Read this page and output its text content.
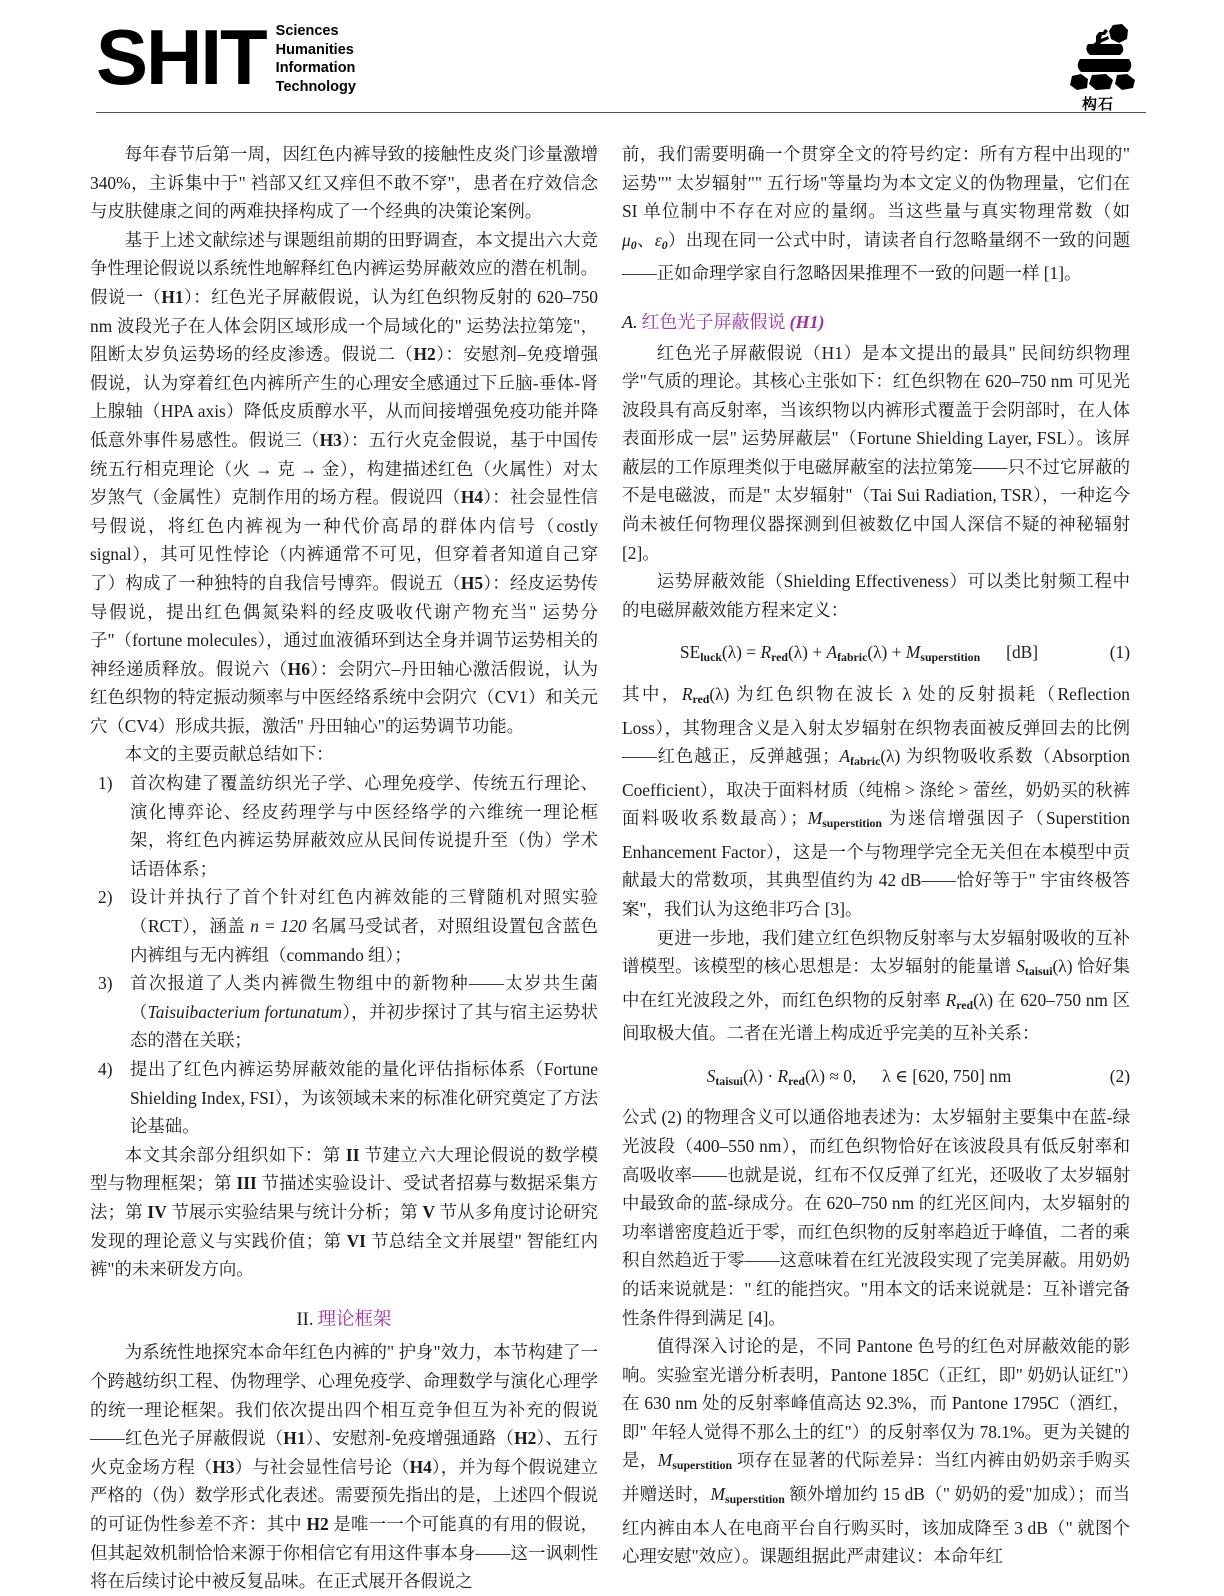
SHIT Sciences
Humanities
Information
Technology
构石

每年春节后第一周，因红色内裤导致的接触性皮炎门诊量激增 340%，主诉集中于" 裆部又红又痒但不敢不穿"，患者在疗效信念与皮肤健康之间的两难抉择构成了一个经典的决策论案例。

基于上述文献综述与课题组前期的田野调查，本文提出六大竞争性理论假说以系统性地解释红色内裤运势屏蔽效应的潜在机制。假说一（H1）：红色光子屏蔽假说，认为红色织物反射的 620–750 nm 波段光子在人体会阴区域形成一个局域化的" 运势法拉第笼"，阻断太岁负运势场的经皮渗透。假说二（H2）：安慰剂–免疫增强假说，认为穿着红色内裤所产生的心理安全感通过下丘脑-垂体-肾上腺轴（HPA axis）降低皮质醇水平，从而间接增强免疫功能并降低意外事件易感性。假说三（H3）：五行火克金假说，基于中国传统五行相克理论（火 → 克 → 金），构建描述红色（火属性）对太岁煞气（金属性）克制作用的场方程。假说四（H4）：社会显性信号假说，将红色内裤视为一种代价高昂的群体内信号（costly signal），其可见性悖论（内裤通常不可见，但穿着者知道自己穿了）构成了一种独特的自我信号博弈。假说五（H5）：经皮运势传导假说，提出红色偶氮染料的经皮吸收代谢产物充当" 运势分子"（fortune molecules），通过血液循环到达全身并调节运势相关的神经递质释放。假说六（H6）：会阴穴–丹田轴心激活假说，认为红色织物的特定振动频率与中医经络系统中会阴穴（CV1）和关元穴（CV4）形成共振，激活" 丹田轴心"的运势调节功能。

本文的主要贡献总结如下：

1)	首次构建了覆盖纺织光子学、心理免疫学、传统五行理论、演化博弈论、经皮药理学与中医经络学的六维统一理论框架，将红色内裤运势屏蔽效应从民间传说提升至（伪）学术话语体系；
2)	设计并执行了首个针对红色内裤效能的三臂随机对照实验（RCT），涵盖 n = 120 名属马受试者，对照组设置包含蓝色内裤组与无内裤组（commando 组）；
3)	首次报道了人类内裤微生物组中的新物种——太岁共生菌（Taisuibacterium fortunatum），并初步探讨了其与宿主运势状态的潜在关联；
4)	提出了红色内裤运势屏蔽效能的量化评估指标体系（Fortune Shielding Index, FSI），为该领域未来的标准化研究奠定了方法论基础。

本文其余部分组织如下：第 II 节建立六大理论假说的数学模型与物理框架；第 III 节描述实验设计、受试者招募与数据采集方法；第 IV 节展示实验结果与统计分析；第 V 节从多角度讨论研究发现的理论意义与实践价值；第 VI 节总结全文并展望" 智能红内裤"的未来研发方向。

II. 理论框架

为系统性地探究本命年红色内裤的" 护身"效力，本节构建了一个跨越纺织工程、伪物理学、心理免疫学、命理数学与演化心理学的统一理论框架。我们依次提出四个相互竞争但互为补充的假说——红色光子屏蔽假说（H1）、安慰剂-免疫增强通路（H2）、五行火克金场方程（H3）与社会显性信号论（H4），并为每个假说建立严格的（伪）数学形式化表述。需要预先指出的是，上述四个假说的可证伪性参差不齐：其中 H2 是唯一一个可能真的有用的假说，但其起效机制恰恰来源于你相信它有用这件事本身——这一讽刺性将在后续讨论中被反复品味。在正式展开各假说之

前，我们需要明确一个贯穿全文的符号约定：所有方程中出现的" 运势"" 太岁辐射"" 五行场"等量均为本文定义的伪物理量，它们在 SI 单位制中不存在对应的量纲。当这些量与真实物理常数（如 $\mu_0$、$\varepsilon_0$）出现在同一公式中时，请读者自行忽略量纲不一致的问题——正如命理学家自行忽略因果推理不一致的问题一样 [1]。

A. 红色光子屏蔽假说 (H1)

红色光子屏蔽假说（H1）是本文提出的最具" 民间纺织物理学"气质的理论。其核心主张如下：红色织物在 620–750 nm 可见光波段具有高反射率，当该织物以内裤形式覆盖于会阴部时，在人体表面形成一层" 运势屏蔽层"（Fortune Shielding Layer, FSL）。该屏蔽层的工作原理类似于电磁屏蔽室的法拉第笼——只不过它屏蔽的不是电磁波，而是" 太岁辐射"（Tai Sui Radiation, TSR），一种迄今尚未被任何物理仪器探测到但被数亿中国人深信不疑的神秘辐射 [2]。

运势屏蔽效能（Shielding Effectiveness）可以类比射频工程中的电磁屏蔽效能方程来定义：

$SE_{luck}(\lambda) = R_{red}(\lambda) + A_{fabric}(\lambda) + M_{superstition}$ [dB]	(1)

其中，$R_{red}(\lambda)$ 为红色织物在波长 λ 处的反射损耗（Reflection Loss），其物理含义是入射太岁辐射在织物表面被反弹回去的比例——红色越正，反弹越强；$A_{fabric}(\lambda)$ 为织物吸收系数（Absorption Coefficient），取决于面料材质（纯棉 > 涤纶 > 蕾丝，奶奶买的秋裤面料吸收系数最高）；$M_{superstition}$ 为迷信增强因子（Superstition Enhancement Factor），这是一个与物理学完全无关但在本模型中贡献最大的常数项，其典型值约为 42 dB——恰好等于" 宇宙终极答案"，我们认为这绝非巧合 [3]。

更进一步地，我们建立红色织物反射率与太岁辐射吸收的互补谱模型。该模型的核心思想是：太岁辐射的能量谱 $S_{taisui}(\lambda)$ 恰好集中在红光波段之外，而红色织物的反射率 $R_{red}(\lambda)$ 在 620–750 nm 区间取极大值。二者在光谱上构成近乎完美的互补关系：

$S_{taisui}(\lambda) \cdot R_{red}(\lambda) \approx 0$, λ ∈ [620, 750] nm	(2)

公式 (2) 的物理含义可以通俗地表述为：太岁辐射主要集中在蓝-绿光波段（400–550 nm），而红色织物恰好在该波段具有低反射率和高吸收率——也就是说，红布不仅反弹了红光，还吸收了太岁辐射中最致命的蓝-绿成分。在 620–750 nm 的红光区间内，太岁辐射的功率谱密度趋近于零，而红色织物的反射率趋近于峰值，二者的乘积自然趋近于零——这意味着在红光波段实现了完美屏蔽。用奶奶的话来说就是：" 红的能挡灾。"用本文的话来说就是：互补谱完备性条件得到满足 [4]。

值得深入讨论的是，不同 Pantone 色号的红色对屏蔽效能的影响。实验室光谱分析表明，Pantone 185C（正红，即" 奶奶认证红"）在 630 nm 处的反射率峰值高达 92.3%，而 Pantone 1795C（酒红，即" 年轻人觉得不那么土的红"）的反射率仅为 78.1%。更为关键的是，$M_{superstition}$ 项存在显著的代际差异：当红内裤由奶奶亲手购买并赠送时，$M_{superstition}$ 额外增加约 15 dB（" 奶奶的爱"加成）；而当红内裤由本人在电商平台自行购买时，该加成降至 3 dB（" 就图个心理安慰"效应）。课题组据此严肃建议：本命年红
